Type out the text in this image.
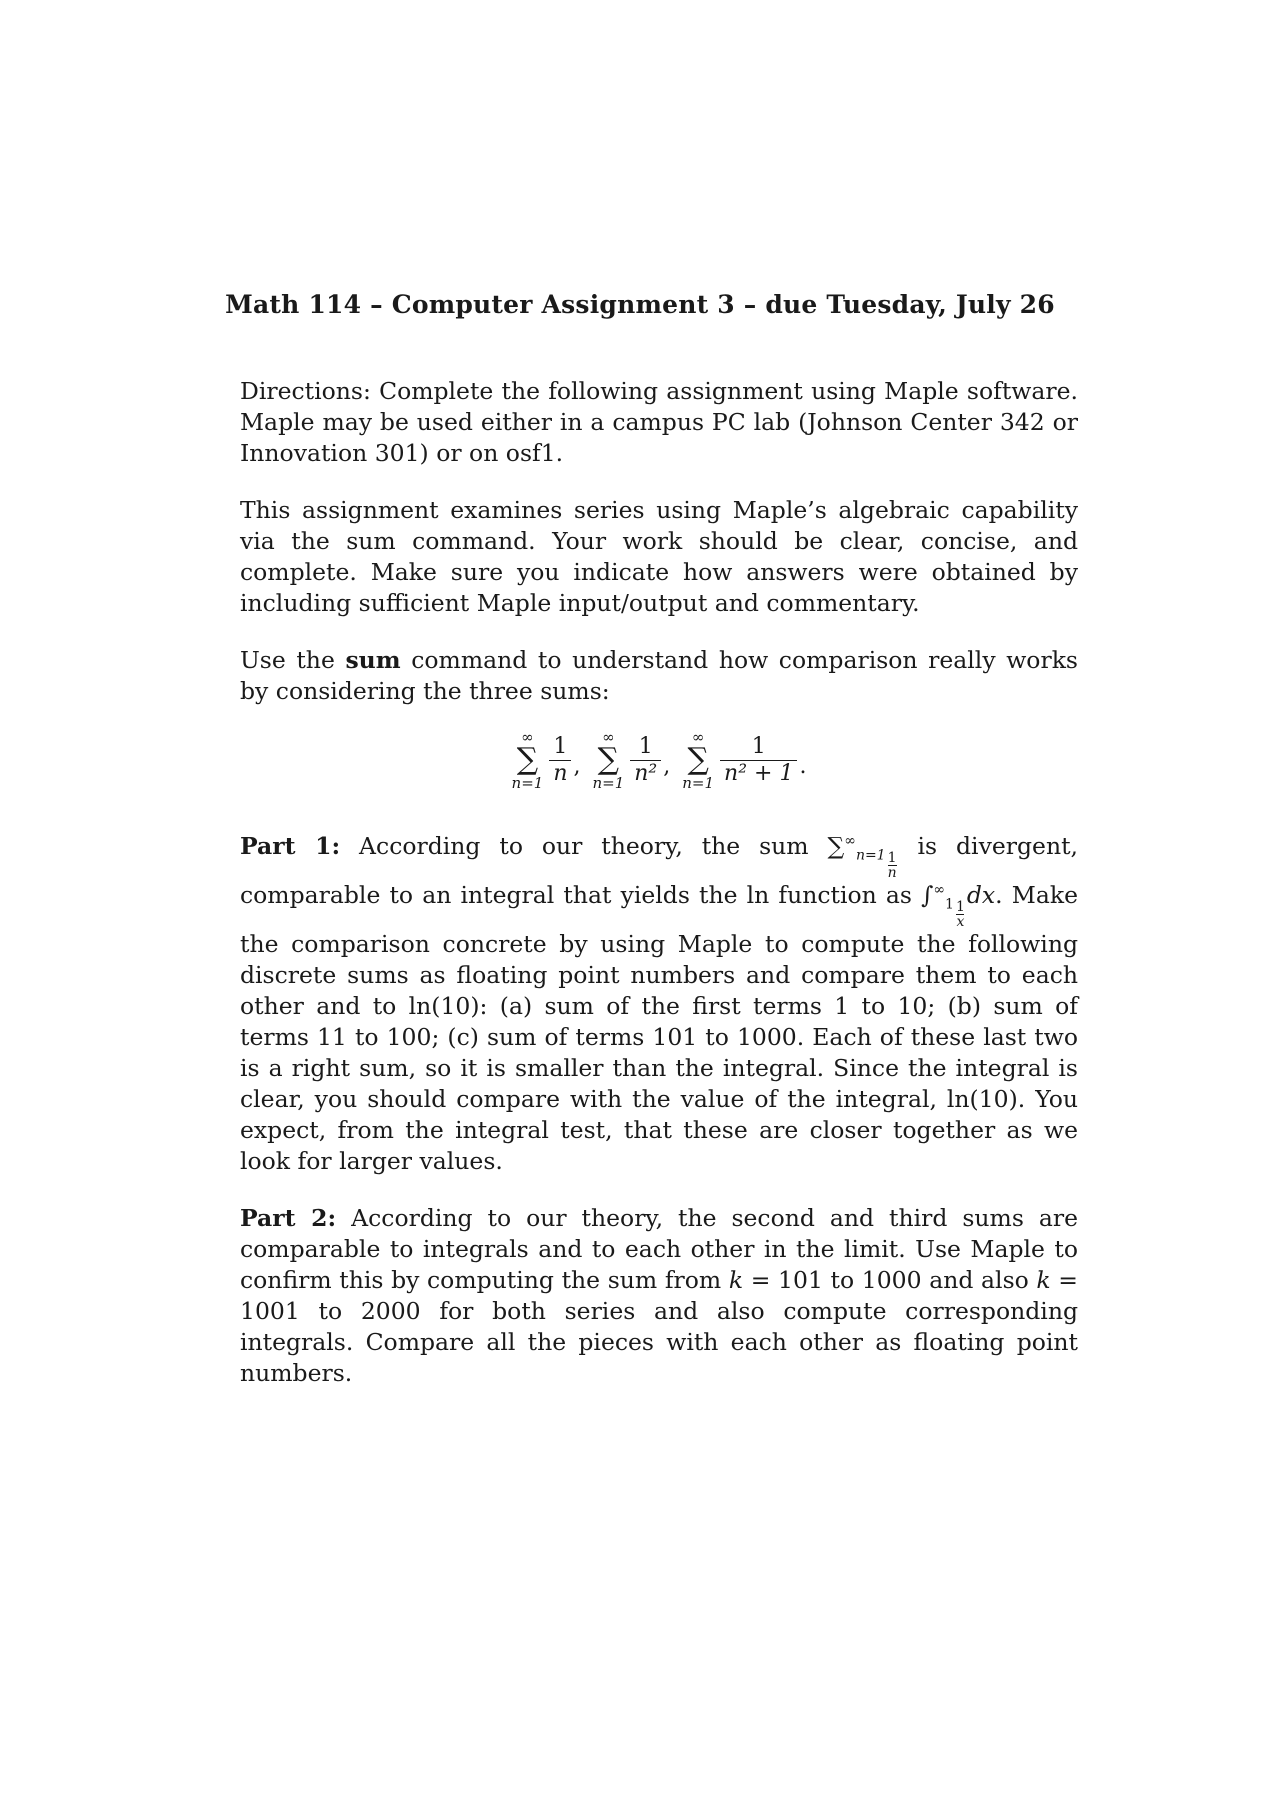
Math 114 – Computer Assignment 3 – due Tuesday, July 26

Directions: Complete the following assignment using Maple software. Maple may be used either in a campus PC lab (Johnson Center 342 or Innovation 301) or on osf1.

This assignment examines series using Maple’s algebraic capability via the sum command. Your work should be clear, concise, and complete. Make sure you indicate how answers were obtained by including sufficient Maple input/output and commentary.

Use the sum command to understand how comparison really works by considering the three sums:

∞
∑
$n=1 \frac{1}{n}$ ,
∞
∑
$n=1 \frac{1}{\text{n²}}$ ,
∞
∑
$n=1 \frac{1}{\text{n² + 1}}$ .

Part 1: According to our theory, the sum $\sum^\infty_{n=1} \frac{1}{n}$
is divergent, comparable to an integral that yields the ln function as $\int^\infty_1 \frac{1}{x}$
dx. Make the comparison concrete by using Maple to compute the following discrete sums as floating point numbers and compare them to each other and to ln(10): (a) sum of the first terms 1 to 10; (b) sum of terms 11 to 100; (c) sum of terms 101 to 1000. Each of these last two is a right sum, so it is smaller than the integral. Since the integral is clear, you should compare with the value of the integral, ln(10). You expect, from the integral test, that these are closer together as we look for larger values.

Part 2: According to our theory, the second and third sums are comparable to integrals and to each other in the limit. Use Maple to confirm this by computing the sum from k = 101 to 1000 and also k = 1001 to 2000 for both series and also compute corresponding integrals. Compare all the pieces with each other as floating point numbers.
